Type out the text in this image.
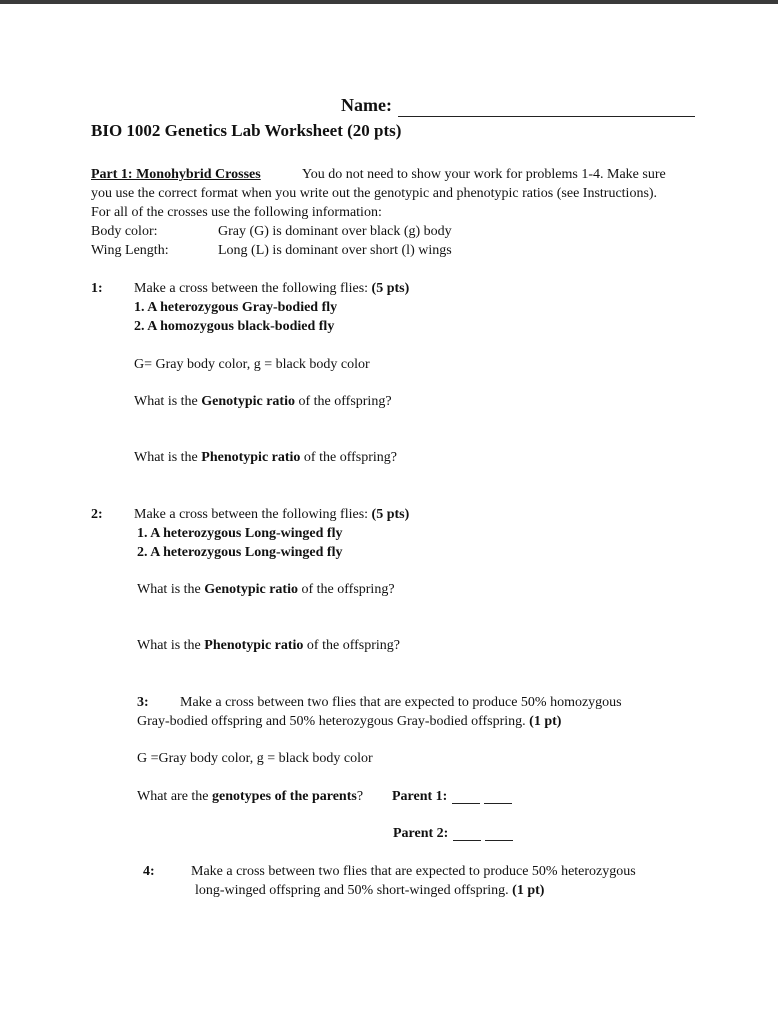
Name:
BIO 1002 Genetics Lab Worksheet (20 pts)
Part 1: Monohybrid Crosses	You do not need to show your work for problems 1-4. Make sure
you use the correct format when you write out the genotypic and phenotypic ratios (see Instructions).
For all of the crosses use the following information:
Body color:	Gray (G) is dominant over black (g) body
Wing Length:	Long (L) is dominant over short (l) wings
1: Make a cross between the following flies: (5 pts)
1. A heterozygous Gray-bodied fly
2. A homozygous black-bodied fly
G= Gray body color, g = black body color
What is the Genotypic ratio of the offspring?
What is the Phenotypic ratio of the offspring?
2: Make a cross between the following flies: (5 pts)
1. A heterozygous Long-winged fly
2. A heterozygous Long-winged fly
What is the Genotypic ratio of the offspring?
What is the Phenotypic ratio of the offspring?
3: Make a cross between two flies that are expected to produce 50% homozygous
Gray-bodied offspring and 50% heterozygous Gray-bodied offspring. (1 pt)
G =Gray body color, g = black body color
What are the genotypes of the parents? Parent 1:
Parent 2:
4:	Make a cross between two flies that are expected to produce 50% heterozygous
long-winged offspring and 50% short-winged offspring. (1 pt)
